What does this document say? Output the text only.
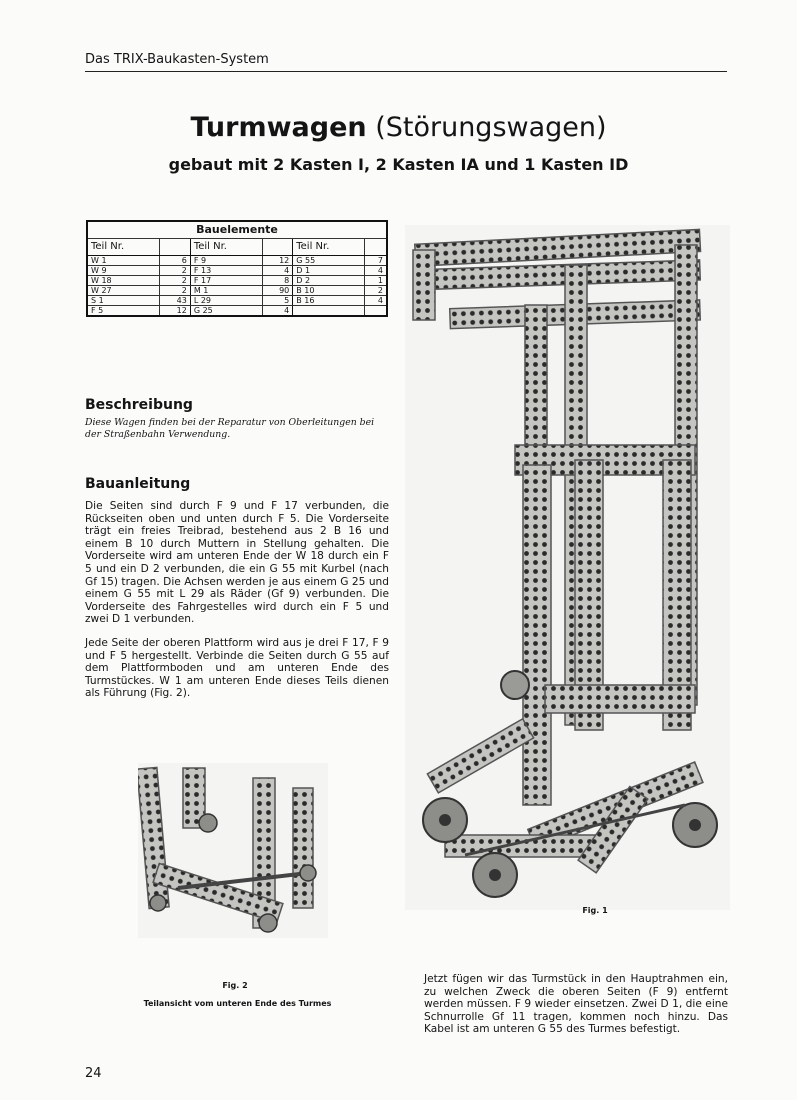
Das TRIX-Baukasten-System
Turmwagen (Störungswagen)
gebaut mit 2 Kasten I, 2 Kasten IA und 1 Kasten ID
Bauelemente					
Teil Nr.		Teil Nr.		Teil Nr.	
W 1	6	F 9	12	G 55	7
W 9	2	F 13	4	D 1	4
W 18	2	F 17	8	D 2	1
W 27	2	M 1	90	B 10	2
S 1	43	L 29	5	B 16	4
F 5	12	G 25	4		
Beschreibung
Diese Wagen finden bei der Reparatur von Oberleitungen bei der Straßenbahn Verwendung.
Bauanleitung
Die Seiten sind durch F 9 und F 17 verbunden, die Rückseiten oben und unten durch F 5. Die Vorderseite trägt ein freies Treibrad, bestehend aus 2 B 16 und einem B 10 durch Muttern in Stellung gehalten. Die Vorderseite wird am unteren Ende der W 18 durch ein F 5 und ein D 2 verbunden, die ein G 55 mit Kurbel (nach Gf 15) tragen. Die Achsen werden je aus einem G 25 und einem G 55 mit L 29 als Räder (Gf 9) verbunden. Die Vorderseite des Fahrgestelles wird durch ein F 5 und zwei D 1 verbunden.
Jede Seite der oberen Plattform wird aus je drei F 17, F 9 und F 5 hergestellt. Verbinde die Seiten durch G 55 auf dem Plattformboden und am unteren Ende des Turmstückes. W 1 am unteren Ende dieses Teils dienen als Führung (Fig. 2).
Jetzt fügen wir das Turmstück in den Hauptrahmen ein, zu welchen Zweck die oberen Seiten (F 9) entfernt werden müssen. F 9 wieder einsetzen. Zwei D 1, die eine Schnurrolle Gf 11 tragen, kommen noch hinzu. Das Kabel ist am unteren G 55 des Turmes befestigt.
Fig. 1
Fig. 2
Teilansicht vom unteren Ende des Turmes
24
